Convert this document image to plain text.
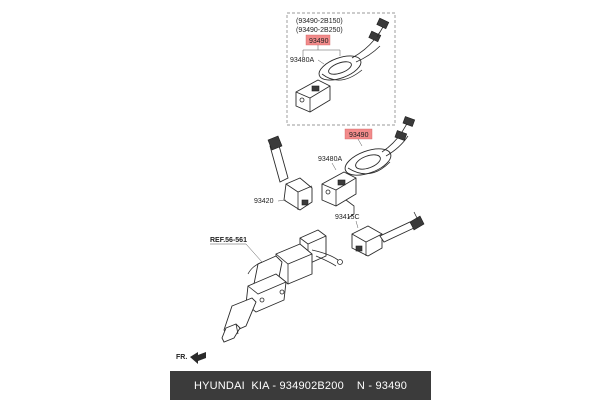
(93490-2B150)
(93490-2B250)
93490
93480A
93490
93480A
93420
93415C
REF.56-561
FR.
HYUNDAI  KIA - 934902B200
N - 93490
